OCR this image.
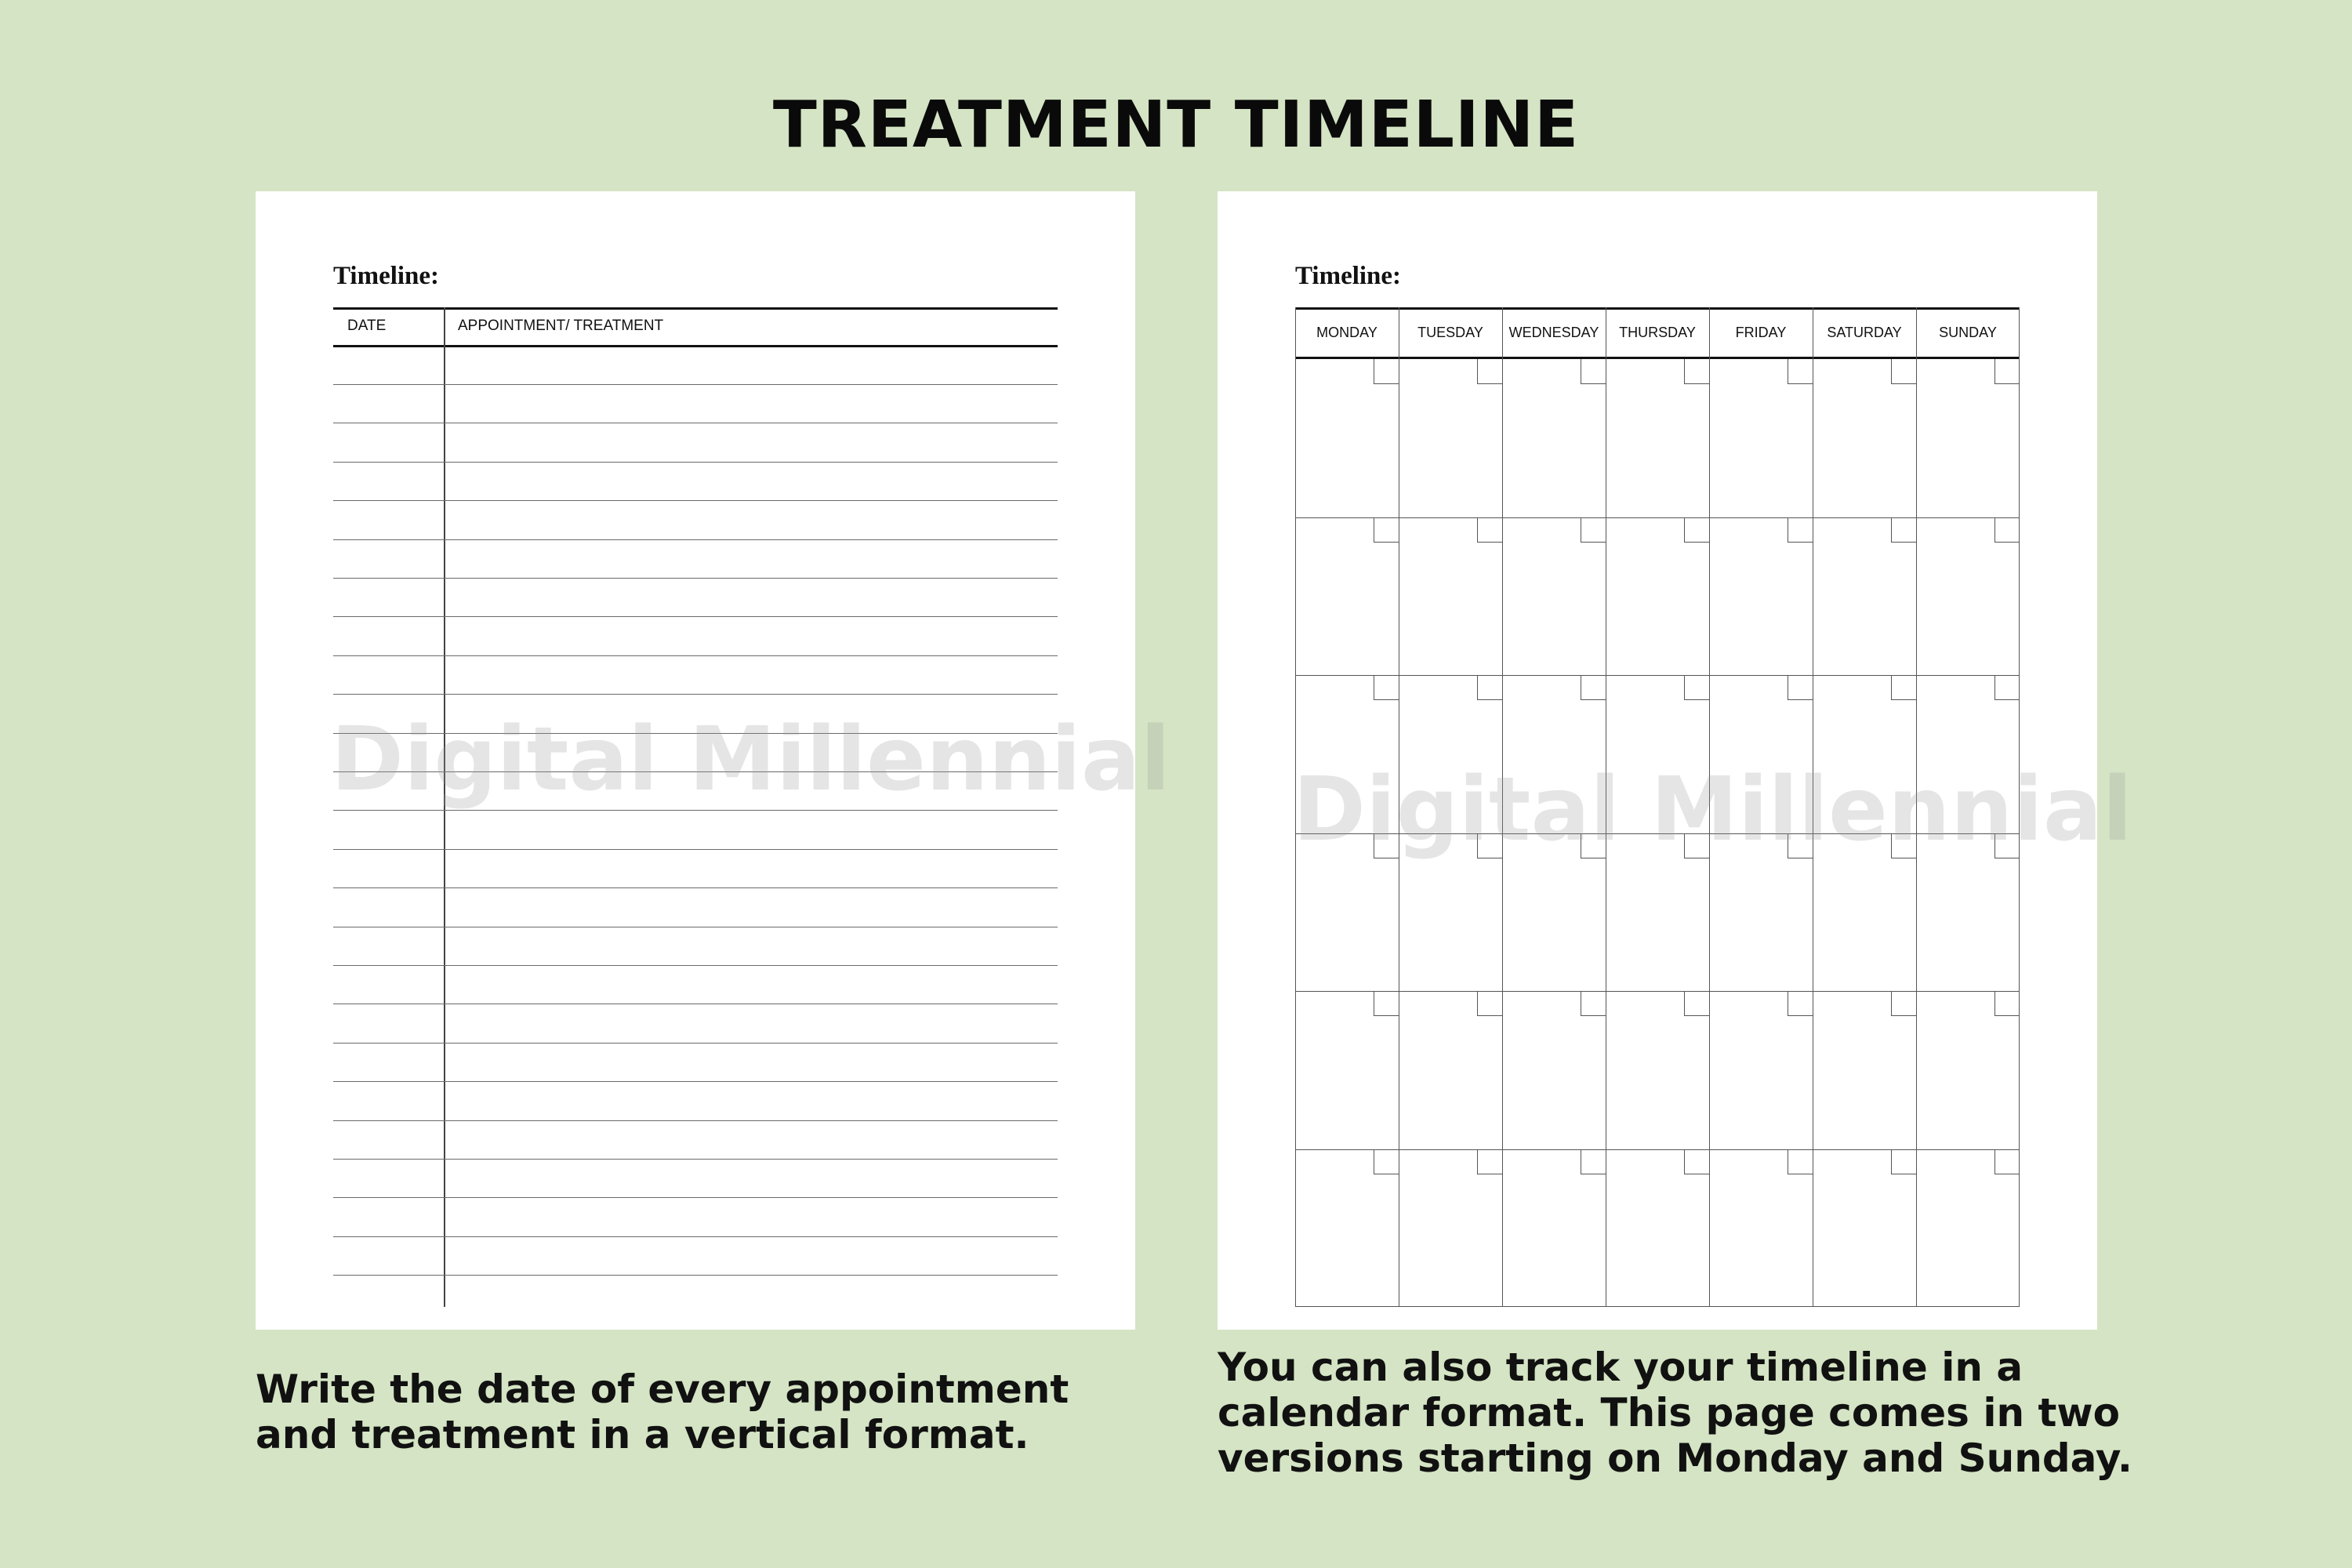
TREATMENT TIMELINE
Timeline:
DATE	APPOINTMENT/ TREATMENT
Digital Millennial
Timeline:
MONDAY	TUESDAY	WEDNESDAY	THURSDAY	FRIDAY	SATURDAY	SUNDAY
Digital Millennial
Write the date of every appointment
and treatment in a vertical format.
You can also track your timeline in a
calendar format. This page comes in two
versions starting on Monday and Sunday.
